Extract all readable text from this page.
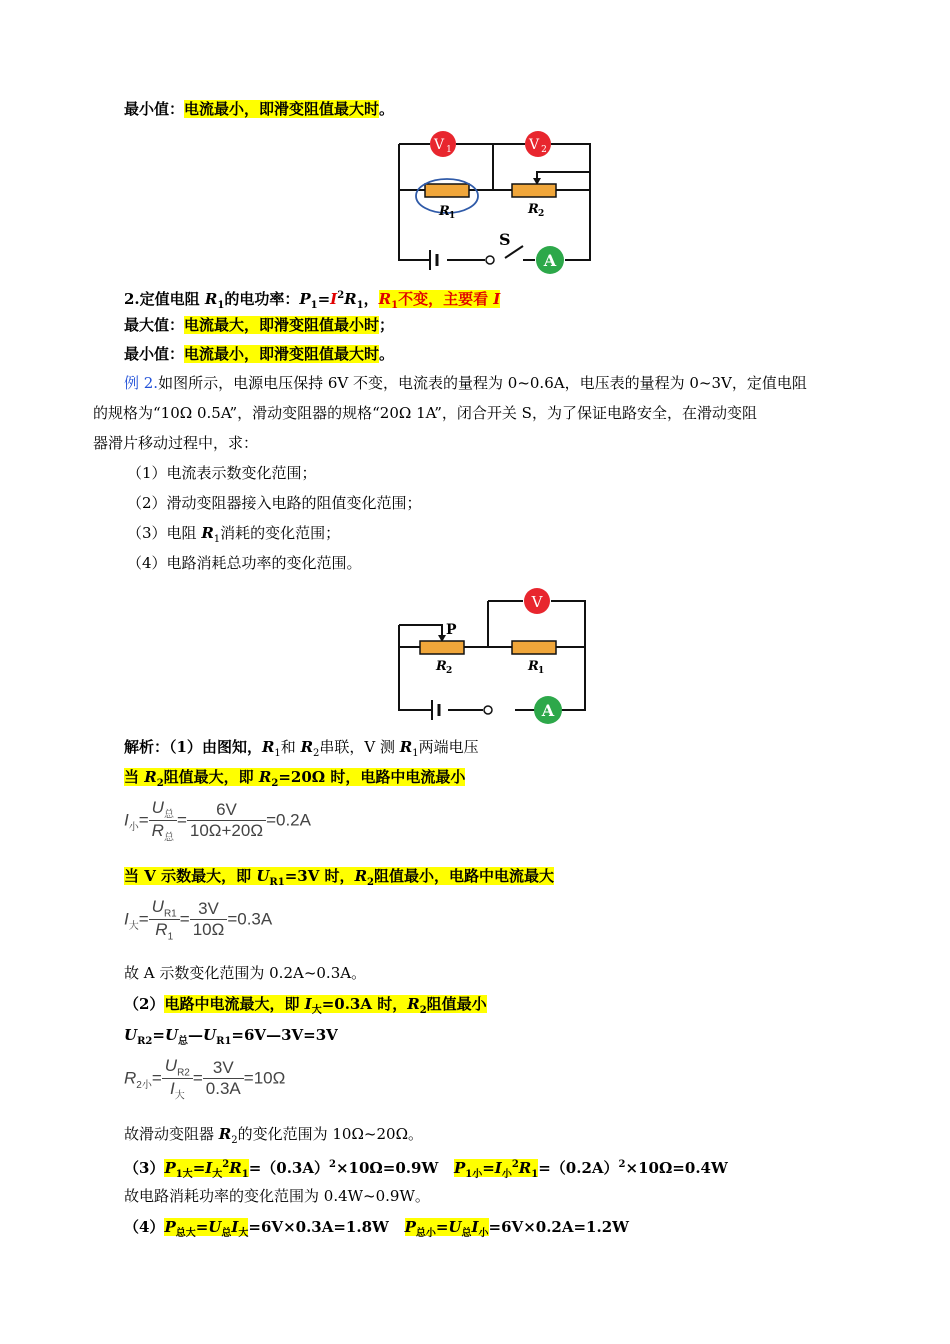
最小值：电流最小，即滑变阻值最大时。
V 1	V 2
R 1	R 2
S
A
2.定值电阻 $R_1$的电功率：$P_1=I^2R_1$，$R_1$不变，主要看 I
最大值：电流最大，即滑变阻值最小时；
最小值：电流最小，即滑变阻值最大时。
例 2.如图所示，电源电压保持 6V 不变，电流表的量程为 0~0.6A，电压表的量程为 0~3V，定值电阻
的规格为“10Ω 0.5A”，滑动变阻器的规格“20Ω 1A”，闭合开关 S，为了保证电路安全，在滑动变阻
器滑片移动过程中，求：
（1）电流表示数变化范围；
（2）滑动变阻器接入电路的阻值变化范围；
（3）电阻 $R_1$消耗的变化范围；
（4）电路消耗总功率的变化范围。
P
R 2	R 1
V
A
解析：（1）由图知，$R_1$和 $R_2$串联，V 测 $R_1$两端电压
当 $R_2$阻值最大，即 $R_2=20\Omega$ 时，电路中电流最小
$I_小= \frac{U_总}{R_总} = \frac{6V}{10\Omega+20\Omega} =0.2A$
当 V 示数最大，即 $U_{R1}=3V$ 时，$R_2$阻值最小，电路中电流最大
$I_大= \frac{U_{R1}}{R_1} = \frac{3V}{10\Omega} =0.3A$
故 A 示数变化范围为 0.2A~0.3A。
（2）电路中电流最大，即 $I_大=0.3A$ 时，$R_2$阻值最小
$U_{R2}=U_总—U_{R1}=6V—3V=3V$
$R_{2小}= \frac{U_{R2}}{I_大} = \frac{3V}{0.3A} =10\Omega$
故滑动变阻器 $R_2$的变化范围为 10Ω~20Ω。
$(3)P_{1大}=I_大^2R_1=(0.3A)^2\times 10\Omega=0.9W$ $P_{1小}=I_小^2R_1=(0.2A)^2\times 10\Omega=0.4W$
故电路消耗功率的变化范围为 0.4W~0.9W。
$(4)P_{总大}=U_总I_大=6V\times 0.3A=1.8W$ $P_{总小}=U_总I_小=6V\times 0.2A=1.2W$
